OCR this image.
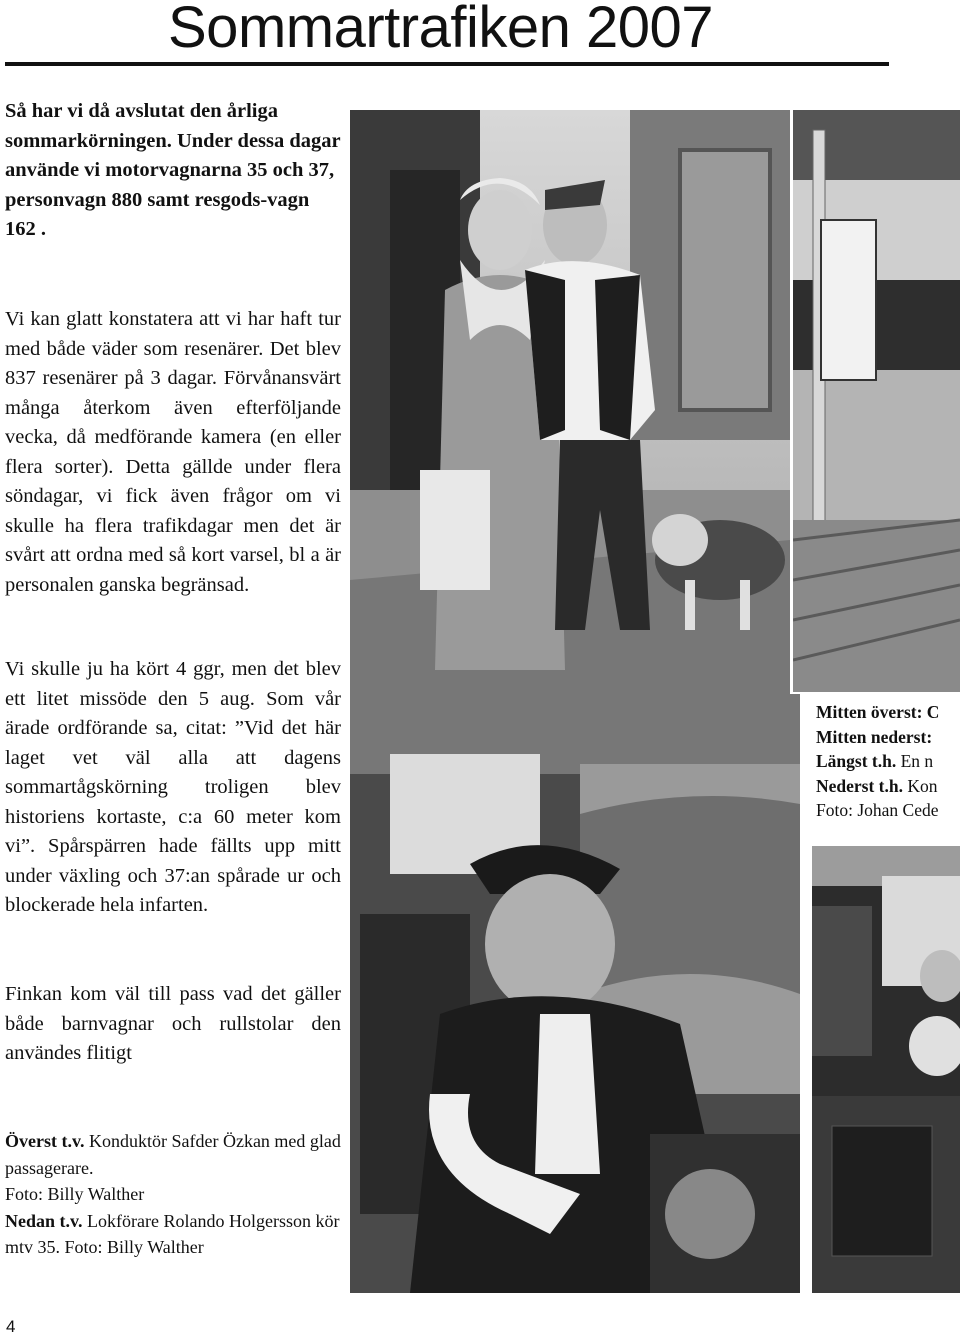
Sommartrafiken 2007

Så har vi då avslutat den årliga sommarkörningen. Under dessa dagar använde vi motorvagnarna 35 och 37, personvagn 880 samt resgods-vagn 162 .

Vi kan glatt konstatera att vi har haft tur med både väder som resenärer. Det blev 837 resenärer på 3 dagar. Förvånansvärt många återkom även efterföljande vecka, då medförande kamera (en eller flera sorter). Detta gällde under flera söndagar, vi fick även frågor om vi skulle ha flera trafikdagar men det är svårt att ordna med så kort varsel, bl a är personalen ganska begränsad.

Vi skulle ju ha kört 4 ggr, men det blev ett litet missöde den 5 aug. Som vår ärade ordförande sa, citat: ”Vid det här laget vet väl alla att dagens sommartågskörning troligen blev historiens kortaste, c:a 60 meter kom vi”. Spårspärren hade fällts upp mitt under växling och 37:an spårade ur och blockerade hela infarten.

Finkan kom väl till pass vad det gäller både barnvagnar och rullstolar den användes flitigt

Överst t.v. Konduktör Safder Özkan med glad passagerare.

Foto: Billy Walther

Nedan t.v. Lokförare Rolando Holgersson kör mtv 35. Foto: Billy Walther

4

Mitten överst: C

Mitten nederst:

Längst t.h. En n

Nederst t.h. Kon

Foto: Johan Cede
